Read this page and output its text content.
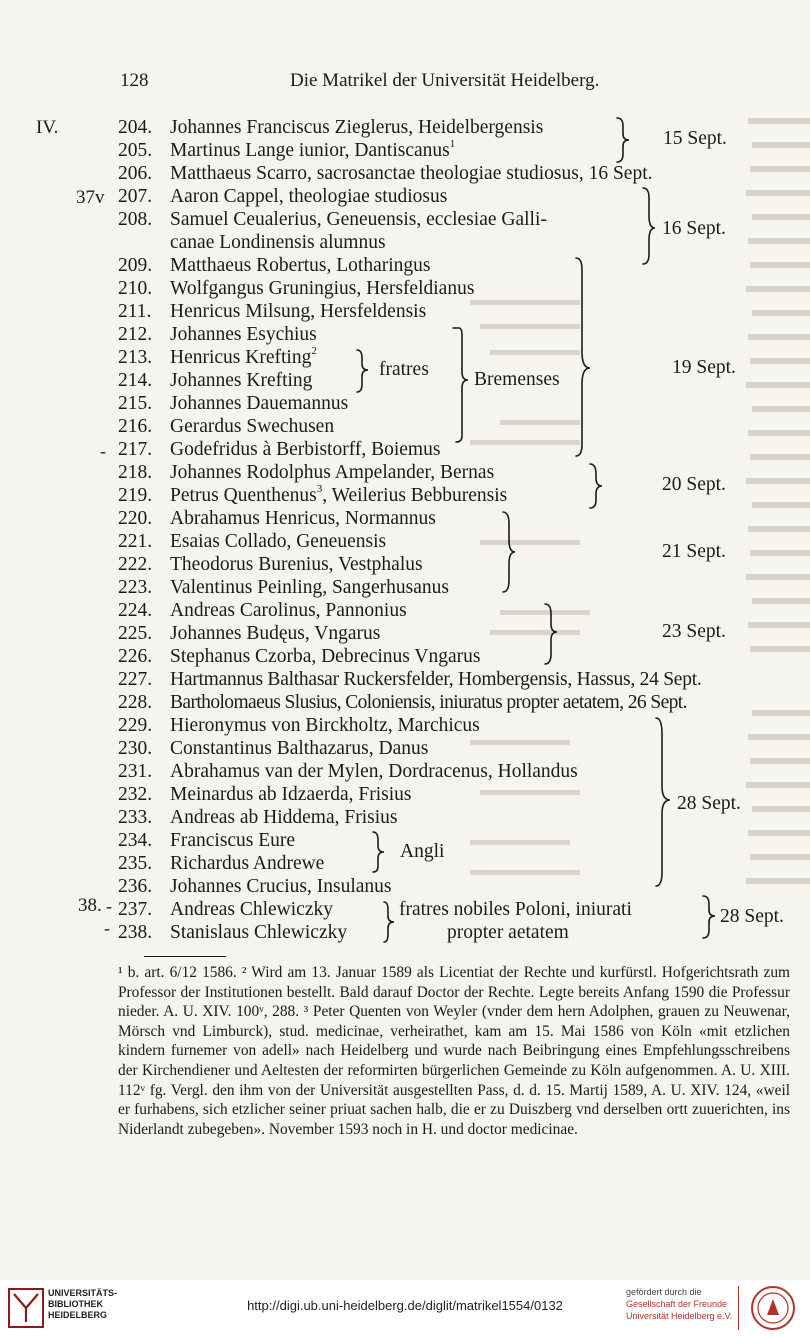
128	Die Matrikel der Universität Heidelberg.
IV.
37v
38.
-
-
-
204. Johannes Franciscus Zieglerus, Heidelbergensis
205. Martinus Lange iunior, Dantiscanus$^1$
206. Matthaeus Scarro, sacrosanctae theologiae studiosus, 16 Sept.
207. Aaron Cappel, theologiae studiosus
208. Samuel Ceualerius, Geneuensis, ecclesiae Galli-
canae Londinensis alumnus
209. Matthaeus Robertus, Lotharingus
210. Wolfgangus Gruningius, Hersfeldianus
211. Henricus Milsung, Hersfeldensis
212. Johannes Esychius
213. Henricus Krefting$^2$
214. Johannes Krefting
215. Johannes Dauemannus
216. Gerardus Swechusen
217. Godefridus à Berbistorff, Boiemus
218. Johannes Rodolphus Ampelander, Bernas
219. Petrus Quenthenus$^3$, Weilerius Bebburensis
220. Abrahamus Henricus, Normannus
221. Esaias Collado, Geneuensis
222. Theodorus Burenius, Vestphalus
223. Valentinus Peinling, Sangerhusanus
224. Andreas Carolinus, Pannonius
225. Johannes Budęus, Vngarus
226. Stephanus Czorba, Debrecinus Vngarus
227. Hartmannus Balthasar Ruckersfelder, Hombergensis, Hassus, 24 Sept.
228. Bartholomaeus Slusius, Coloniensis, iniuratus propter aetatem, 26 Sept.
229. Hieronymus von Birckholtz, Marchicus
230. Constantinus Balthazarus, Danus
231. Abrahamus van der Mylen, Dordracenus, Hollandus
232. Meinardus ab Idzaerda, Frisius
233. Andreas ab Hiddema, Frisius
234. Franciscus Eure
235. Richardus Andrewe
236. Johannes Crucius, Insulanus
237. Andreas Chlewiczky
238. Stanislaus Chlewiczky
fratres Bremenses
Angli
fratres nobiles Poloni, iniurati
propter aetatem
15 Sept.
16 Sept.
19 Sept.
20 Sept.
21 Sept.
23 Sept.
28 Sept.
28 Sept.

¹ b. art. 6/12 1586. ² Wird am 13. Januar 1589 als Licentiat der Rechte und kurfürstl. Hofgerichtsrath zum Professor der Institutionen bestellt. Bald darauf Doctor der Rechte. Legte bereits Anfang 1590 die Professur nieder. A. U. XIV. 100ᵛ, 288. ³ Peter Quenten von Weyler (vnder dem hern Adolphen, grauen zu Neuwenar, Mörsch vnd Limburck), stud. medicinae, verheirathet, kam am 15. Mai 1586 von Köln «mit etzlichen kindern furnemer von adell» nach Heidelberg und wurde nach Beibringung eines Empfehlungsschreibens der Kirchendiener und Aeltesten der reformirten bürgerlichen Gemeinde zu Köln aufgenommen. A. U. XIII. 112ᵛ fg. Vergl. den ihm von der Universität ausgestellten Pass, d. d. 15. Martij 1589, A. U. XIV. 124, «weil er furhabens, sich etzlicher seiner priuat sachen halb, die er zu Duiszberg vnd derselben ortt zuuerichten, ins Niderlandt zubegeben». November 1593 noch in H. und doctor medicinae.

UNIVERSITÄTS-
BIBLIOTHEK
HEIDELBERG
http://digi.ub.uni-heidelberg.de/diglit/matrikel1554/0132
gefördert durch die
Gesellschaft der Freunde
Universität Heidelberg e.V.
